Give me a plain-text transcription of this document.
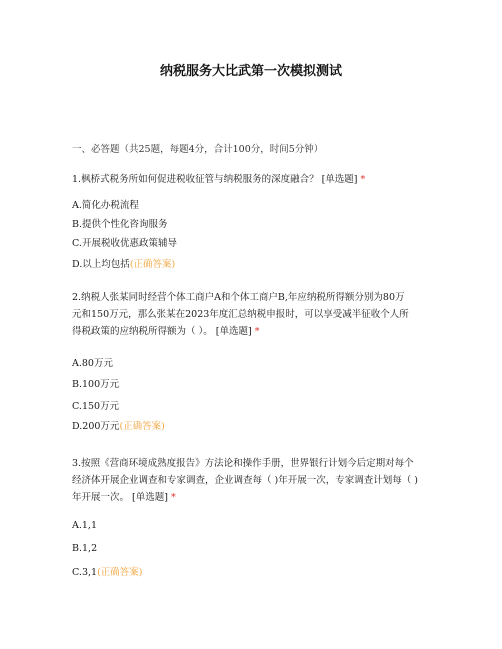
纳税服务大比武第一次模拟测试
一、必答题（共25题，每题4分，合计100分，时间5分钟）
1.枫桥式税务所如何促进税收征管与纳税服务的深度融合？ [单选题] *
A.简化办税流程
B.提供个性化咨询服务
C.开展税收优惠政策辅导
D.以上均包括(正确答案)
2.纳税人张某同时经营个体工商户A和个体工商户B,年应纳税所得额分别为80万
元和150万元，那么张某在2023年度汇总纳税申报时，可以享受减半征收个人所
得税政策的应纳税所得额为（ ）。 [单选题] *
A.80万元
B.100万元
C.150万元
D.200万元(正确答案)
3.按照《营商环境成熟度报告》方法论和操作手册，世界银行计划今后定期对每个
经济体开展企业调查和专家调查，企业调查每（ )年开展一次，专家调查计划每（ )
年开展一次。 [单选题] *
A.1,1
B.1,2
C.3,1(正确答案)
